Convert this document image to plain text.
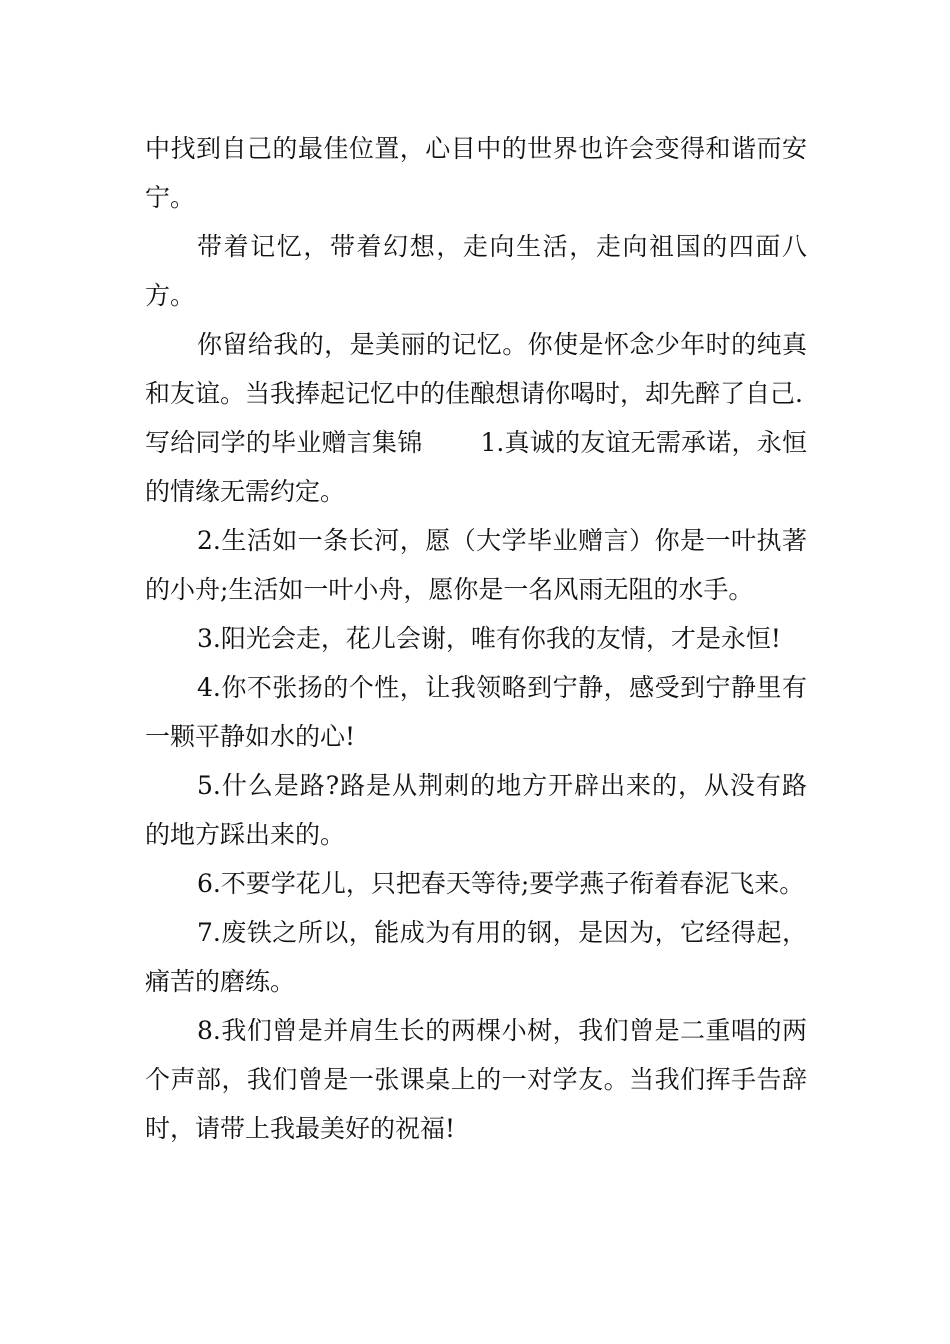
中找到自己的最佳位置，心目中的世界也许会变得和谐而安宁。

带着记忆，带着幻想，走向生活，走向祖国的四面八方。

你留给我的，是美丽的记忆。你使是怀念少年时的纯真和友谊。当我捧起记忆中的佳酿想请你喝时，却先醉了自己.

写给同学的毕业赠言集锦 1.真诚的友谊无需承诺，永恒的情缘无需约定。

2.生活如一条长河，愿（大学毕业赠言）你是一叶执著的小舟;生活如一叶小舟，愿你是一名风雨无阻的水手。

3.阳光会走，花儿会谢，唯有你我的友情，才是永恒!

4.你不张扬的个性，让我领略到宁静，感受到宁静里有一颗平静如水的心!

5.什么是路?路是从荆刺的地方开辟出来的，从没有路的地方踩出来的。

6.不要学花儿，只把春天等待;要学燕子衔着春泥飞来。

7.废铁之所以，能成为有用的钢，是因为，它经得起，痛苦的磨练。

8.我们曾是并肩生长的两棵小树，我们曾是二重唱的两个声部，我们曾是一张课桌上的一对学友。当我们挥手告辞时，请带上我最美好的祝福!
